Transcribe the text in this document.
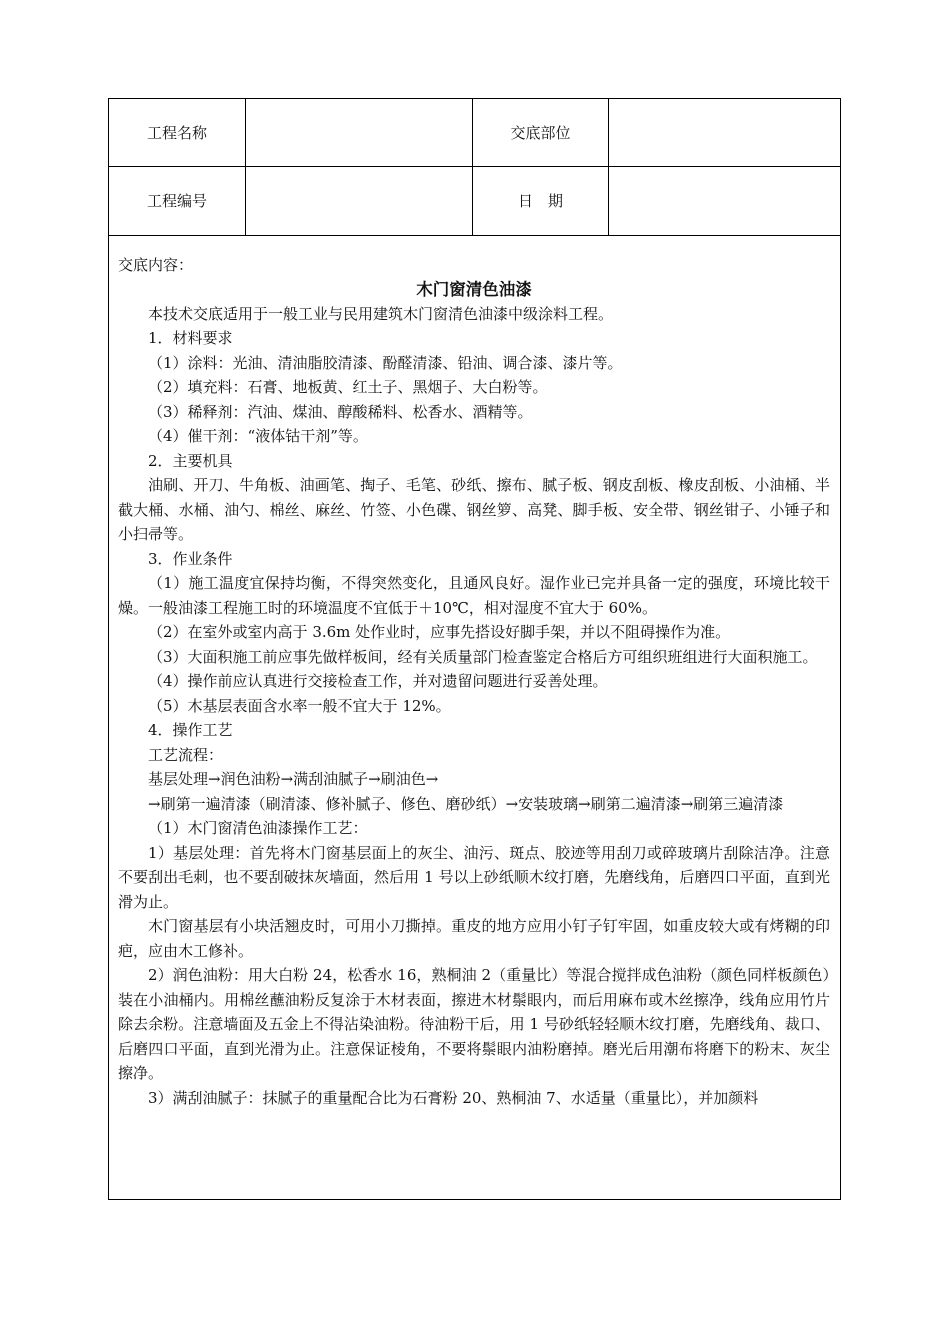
工程名称	交底部位
工程编号	日　期

交底内容：

木门窗清色油漆

本技术交底适用于一般工业与民用建筑木门窗清色油漆中级涂料工程。

1．材料要求

（1）涂料：光油、清油脂胶清漆、酚醛清漆、铅油、调合漆、漆片等。

（2）填充料：石膏、地板黄、红土子、黑烟子、大白粉等。

（3）稀释剂：汽油、煤油、醇酸稀料、松香水、酒精等。

（4）催干剂：“液体钴干剂”等。

2．主要机具

油刷、开刀、牛角板、油画笔、掏子、毛笔、砂纸、擦布、腻子板、钢皮刮板、橡皮刮板、小油桶、半截大桶、水桶、油勺、棉丝、麻丝、竹签、小色碟、钢丝箩、高凳、脚手板、安全带、钢丝钳子、小锤子和小扫帚等。

3．作业条件

（1）施工温度宜保持均衡，不得突然变化，且通风良好。湿作业已完并具备一定的强度，环境比较干燥。一般油漆工程施工时的环境温度不宜低于＋10℃，相对湿度不宜大于 60%。

（2）在室外或室内高于 3.6m 处作业时，应事先搭设好脚手架，并以不阻碍操作为准。

（3）大面积施工前应事先做样板间，经有关质量部门检查鉴定合格后方可组织班组进行大面积施工。

（4）操作前应认真进行交接检查工作，并对遗留问题进行妥善处理。

（5）木基层表面含水率一般不宜大于 12%。

4．操作工艺

工艺流程：

基层处理→润色油粉→满刮油腻子→刷油色→

→刷第一遍清漆（刷清漆、修补腻子、修色、磨砂纸）→安装玻璃→刷第二遍清漆→刷第三遍清漆

（1）木门窗清色油漆操作工艺：

1）基层处理：首先将木门窗基层面上的灰尘、油污、斑点、胶迹等用刮刀或碎玻璃片刮除洁净。注意不要刮出毛刺，也不要刮破抹灰墙面，然后用 1 号以上砂纸顺木纹打磨，先磨线角，后磨四口平面，直到光滑为止。

木门窗基层有小块活翘皮时，可用小刀撕掉。重皮的地方应用小钉子钉牢固，如重皮较大或有烤糊的印疤，应由木工修补。

2）润色油粉：用大白粉 24，松香水 16，熟桐油 2（重量比）等混合搅拌成色油粉（颜色同样板颜色）装在小油桶内。用棉丝蘸油粉反复涂于木材表面，擦进木材鬃眼内，而后用麻布或木丝擦净，线角应用竹片除去余粉。注意墙面及五金上不得沾染油粉。待油粉干后，用 1 号砂纸轻轻顺木纹打磨，先磨线角、裁口、后磨四口平面，直到光滑为止。注意保证棱角，不要将鬃眼内油粉磨掉。磨光后用潮布将磨下的粉末、灰尘擦净。

3）满刮油腻子：抹腻子的重量配合比为石膏粉 20、熟桐油 7、水适量（重量比），并加颜料
